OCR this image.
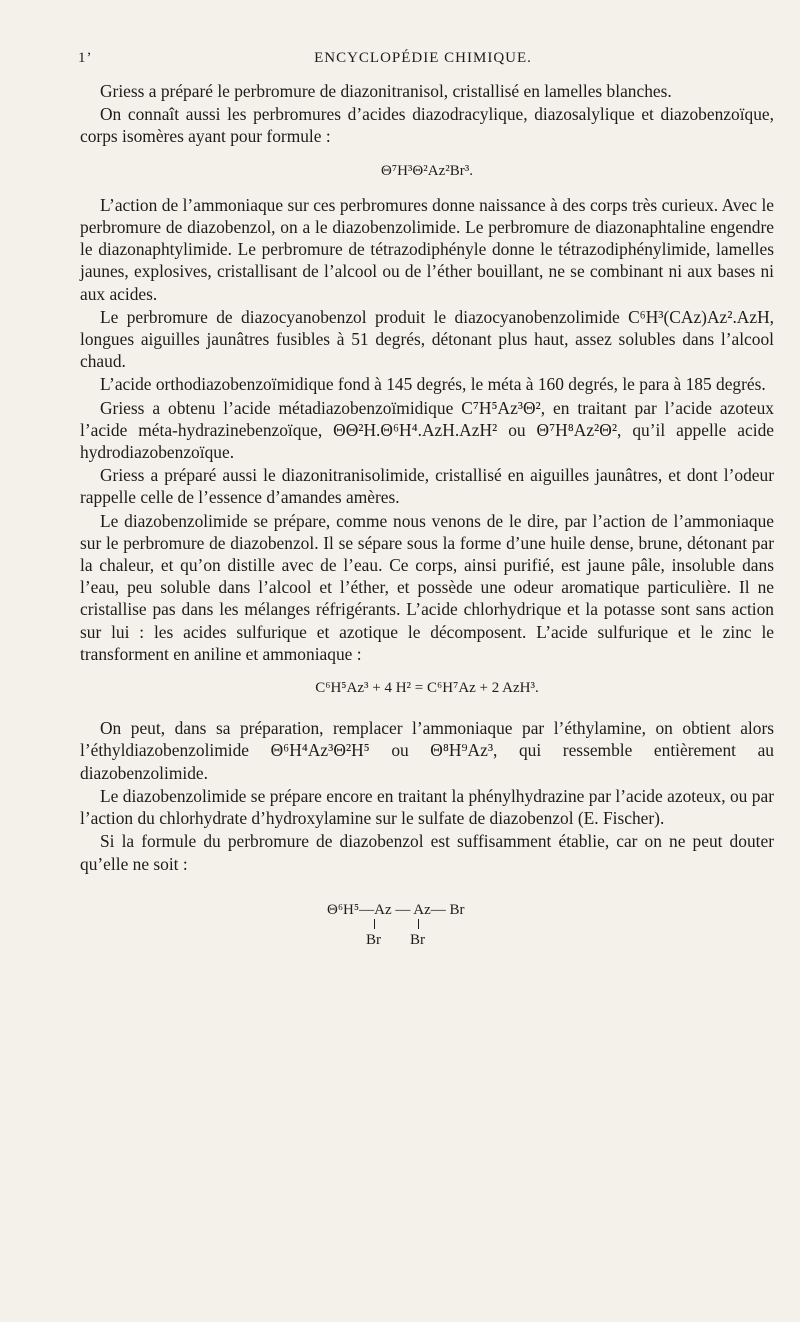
1’	ENCYCLOPÉDIE CHIMIQUE.

Griess a préparé le perbromure de diazonitranisol, cristallisé en lamelles blanches.

On connaît aussi les perbromures d’acides diazodracylique, diazosalylique et diazobenzoïque, corps isomères ayant pour formule :

Θ⁷H³Θ²Az²Br³.

L’action de l’ammoniaque sur ces perbromures donne naissance à des corps très curieux. Avec le perbromure de diazobenzol, on a le diazobenzolimide. Le perbromure de diazonaphtaline engendre le diazonaphtylimide. Le perbromure de tétrazodiphényle donne le tétrazodiphénylimide, lamelles jaunes, explosives, cristallisant de l’alcool ou de l’éther bouillant, ne se combinant ni aux bases ni aux acides.

Le perbromure de diazocyanobenzol produit le diazocyanobenzolimide C⁶H³(CAz)Az².AzH, longues aiguilles jaunâtres fusibles à 51 degrés, détonant plus haut, assez solubles dans l’alcool chaud.

L’acide orthodiazobenzoïmidique fond à 145 degrés, le méta à 160 degrés, le para à 185 degrés.

Griess a obtenu l’acide métadiazobenzoïmidique C⁷H⁵Az³Θ², en traitant par l’acide azoteux l’acide méta-hydrazinebenzoïque, ΘΘ²H.Θ⁶H⁴.AzH.AzH² ou Θ⁷H⁸Az²Θ², qu’il appelle acide hydrodiazobenzoïque.

Griess a préparé aussi le diazonitranisolimide, cristallisé en aiguilles jaunâtres, et dont l’odeur rappelle celle de l’essence d’amandes amères.

Le diazobenzolimide se prépare, comme nous venons de le dire, par l’action de l’ammoniaque sur le perbromure de diazobenzol. Il se sépare sous la forme d’une huile dense, brune, détonant par la chaleur, et qu’on distille avec de l’eau. Ce corps, ainsi purifié, est jaune pâle, insoluble dans l’eau, peu soluble dans l’alcool et l’éther, et possède une odeur aromatique particulière. Il ne cristallise pas dans les mélanges réfrigérants. L’acide chlorhydrique et la potasse sont sans action sur lui : les acides sulfurique et azotique le décomposent. L’acide sulfurique et le zinc le transforment en aniline et ammoniaque :

C⁶H⁵Az³ + 4 H² = C⁶H⁷Az + 2 AzH³.

On peut, dans sa préparation, remplacer l’ammoniaque par l’éthylamine, on obtient alors l’éthyldiazobenzolimide Θ⁶H⁴Az³Θ²H⁵ ou Θ⁸H⁹Az³, qui ressemble entièrement au diazobenzolimide.

Le diazobenzolimide se prépare encore en traitant la phénylhydrazine par l’acide azoteux, ou par l’action du chlorhydrate d’hydroxylamine sur le sulfate de diazobenzol (E. Fischer).

Si la formule du perbromure de diazobenzol est suffisamment établie, car on ne peut douter qu’elle ne soit :

Θ⁶H⁵—Az — Az— Br
Br Br
